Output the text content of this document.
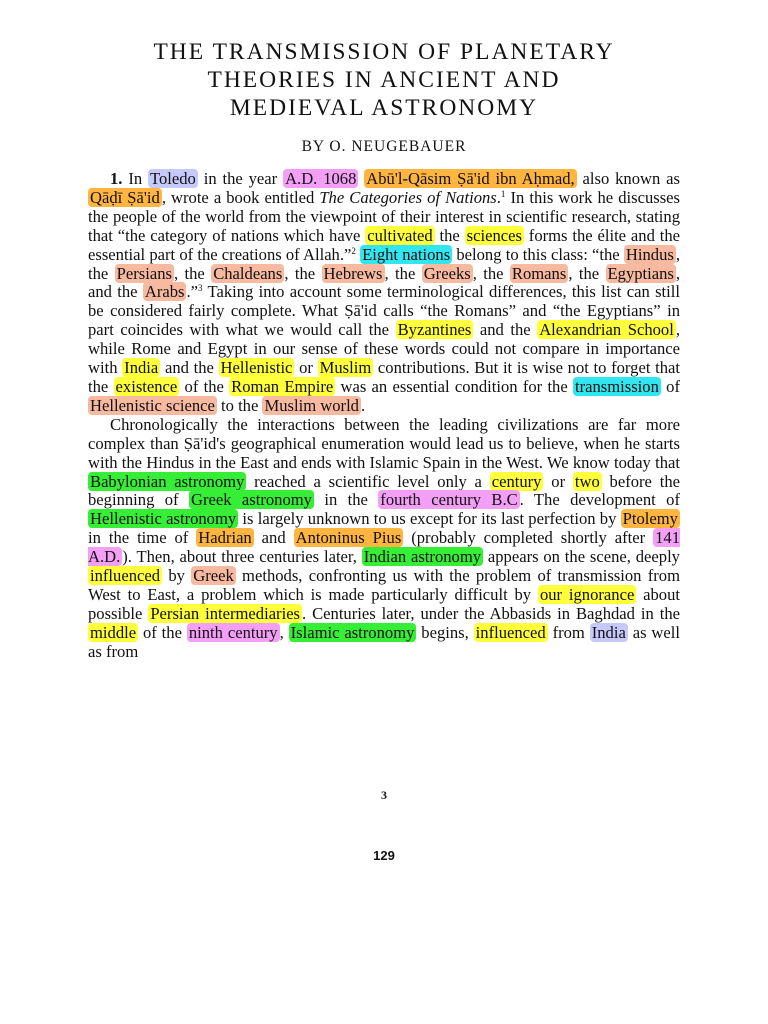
THE TRANSMISSION OF PLANETARY
THEORIES IN ANCIENT AND
MEDIEVAL ASTRONOMY
BY O. NEUGEBAUER

1. In Toledo in the year A.D. 1068 Abū'l-Qāsim Ṣā'id ibn Aḥmad, also known as Qāḍī Ṣā'id , wrote a book entitled The Categories of Nations.$^1$ In this work he discusses the people of the world from the viewpoint of their interest in scientific research, stating that “the category of nations which have cultivated the sciences forms the élite and the essential part of the creations of Allah.”$^2$ Eight nations belong to this class: “the Hindus , the Persians , the Chaldeans , the Hebrews , the Greeks , the Romans , the Egyptians , and the Arabs .”$^3$ Taking into account some terminological differences, this list can still be considered fairly complete. What Ṣā'id calls “the Romans” and “the Egyptians” in part coincides with what we would call the Byzantines and the Alexandrian School , while Rome and Egypt in our sense of these words could not compare in importance with India and the Hellenistic or Muslim contributions. But it is wise not to forget that the existence of the Roman Empire was an essential condition for the transmission of Hellenistic science to the Muslim world .

Chronologically the interactions between the leading civilizations are far more complex than Ṣā'id's geographical enumeration would lead us to believe, when he starts with the Hindus in the East and ends with Islamic Spain in the West. We know today that Babylonian astronomy reached a scientific level only a century or two before the beginning of Greek astronomy in the fourth century B.C . The development of Hellenistic astronomy is largely unknown to us except for its last perfection by Ptolemy in the time of Hadrian and Antoninus Pius (probably completed shortly after 141 A.D. ). Then, about three centuries later, Indian astronomy appears on the scene, deeply influenced by Greek methods, confronting us with the problem of transmission from West to East, a problem which is made particularly difficult by our ignorance about possible Persian intermediaries . Centuries later, under the Abbasids in Baghdad in the middle of the ninth century , Islamic astronomy begins, influenced from India as well as from

3
129
